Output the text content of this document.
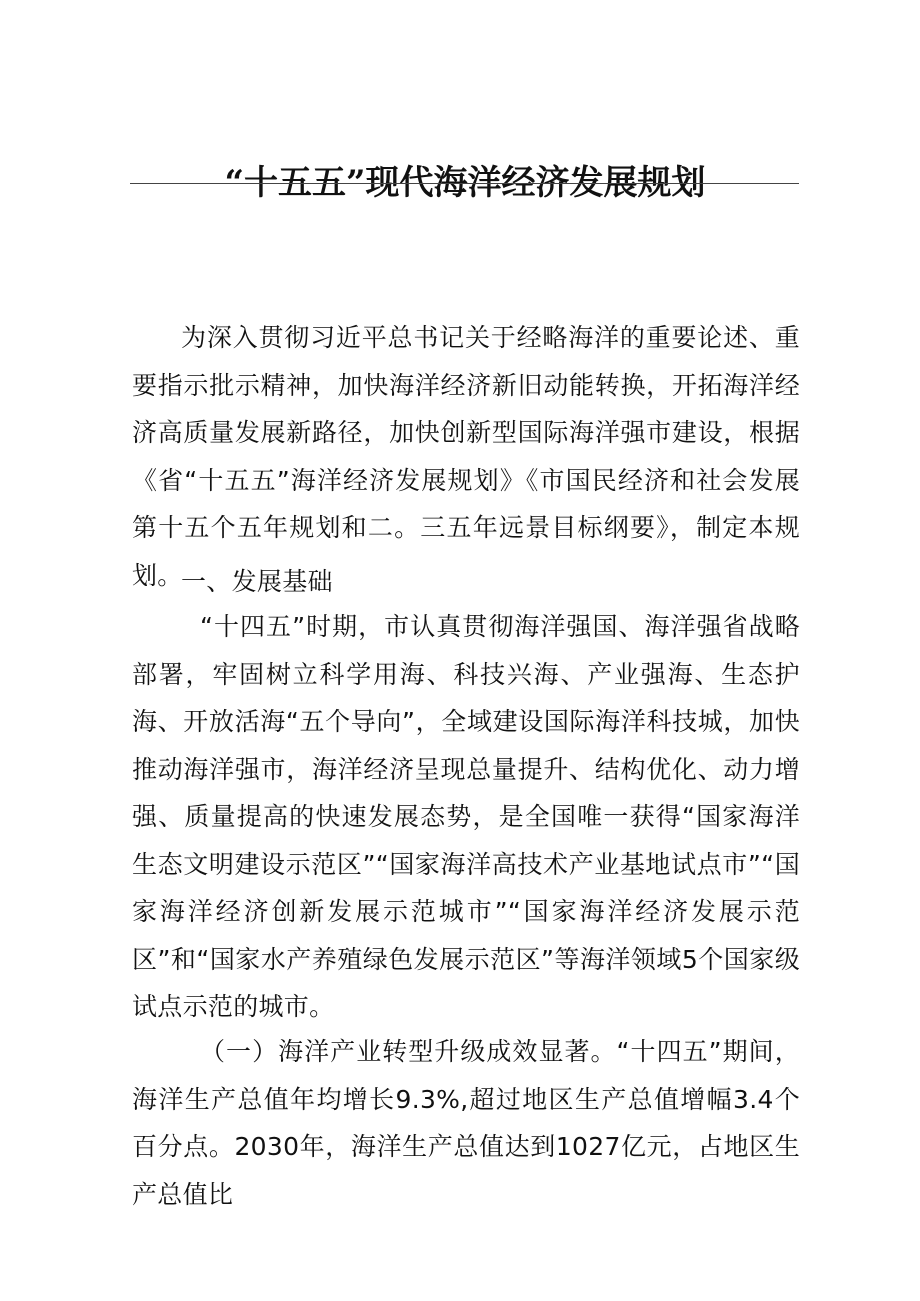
“十五五”现代海洋经济发展规划

为深入贯彻习近平总书记关于经略海洋的重要论述、重要指示批示精神，加快海洋经济新旧动能转换，开拓海洋经济高质量发展新路径，加快创新型国际海洋强市建设，根据《省“十五五”海洋经济发展规划》《市国民经济和社会发展第十五个五年规划和二。三五年远景目标纲要》，制定本规划。

一、发展基础

“十四五”时期，市认真贯彻海洋强国、海洋强省战略部署，牢固树立科学用海、科技兴海、产业强海、生态护海、开放活海“五个导向”，全域建设国际海洋科技城，加快推动海洋强市，海洋经济呈现总量提升、结构优化、动力增强、质量提高的快速发展态势，是全国唯一获得“国家海洋生态文明建设示范区”“国家海洋高技术产业基地试点市”“国家海洋经济创新发展示范城市”“国家海洋经济发展示范区”和“国家水产养殖绿色发展示范区”等海洋领域5个国家级试点示范的城市。

（一）海洋产业转型升级成效显著。“十四五”期间，海洋生产总值年均增长9.3%,超过地区生产总值增幅3.4个百分点。2030年，海洋生产总值达到1027亿元，占地区生产总值比
